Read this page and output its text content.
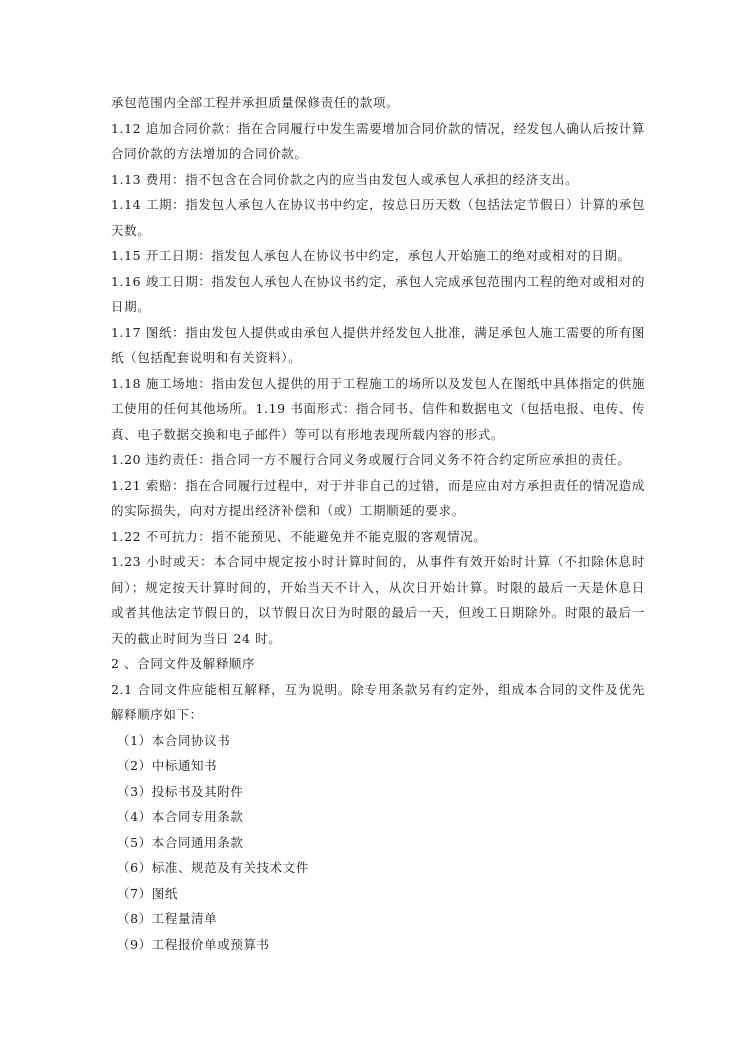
承包范围内全部工程并承担质量保修责任的款项。
1.12 追加合同价款：指在合同履行中发生需要增加合同价款的情况，经发包人确认后按计算
合同价款的方法增加的合同价款。
1.13 费用：指不包含在合同价款之内的应当由发包人或承包人承担的经济支出。
1.14 工期：指发包人承包人在协议书中约定，按总日历天数（包括法定节假日）计算的承包
天数。
1.15 开工日期：指发包人承包人在协议书中约定，承包人开始施工的绝对或相对的日期。
1.16 竣工日期：指发包人承包人在协议书约定，承包人完成承包范围内工程的绝对或相对的
日期。
1.17 图纸：指由发包人提供或由承包人提供并经发包人批准，满足承包人施工需要的所有图
纸（包括配套说明和有关资料）。
1.18 施工场地：指由发包人提供的用于工程施工的场所以及发包人在图纸中具体指定的供施
工使用的任何其他场所。1.19 书面形式：指合同书、信件和数据电文（包括电报、电传、传
真、电子数据交换和电子邮件）等可以有形地表现所载内容的形式。
1.20 违约责任：指合同一方不履行合同义务或履行合同义务不符合约定所应承担的责任。
1.21 索赔：指在合同履行过程中，对于并非自己的过错，而是应由对方承担责任的情况造成
的实际损失，向对方提出经济补偿和（或）工期顺延的要求。
1.22 不可抗力：指不能预见、不能避免并不能克服的客观情况。
1.23 小时或天：本合同中规定按小时计算时间的，从事件有效开始时计算（不扣除休息时
间）；规定按天计算时间的，开始当天不计入，从次日开始计算。时限的最后一天是休息日
或者其他法定节假日的，以节假日次日为时限的最后一天，但竣工日期除外。时限的最后一
天的截止时间为当日 24 时。
2 、合同文件及解释顺序
2.1 合同文件应能相互解释，互为说明。除专用条款另有约定外，组成本合同的文件及优先
解释顺序如下：
（1）本合同协议书
（2）中标通知书
（3）投标书及其附件
（4）本合同专用条款
（5）本合同通用条款
（6）标准、规范及有关技术文件
（7）图纸
（8）工程量清单
（9）工程报价单或预算书
